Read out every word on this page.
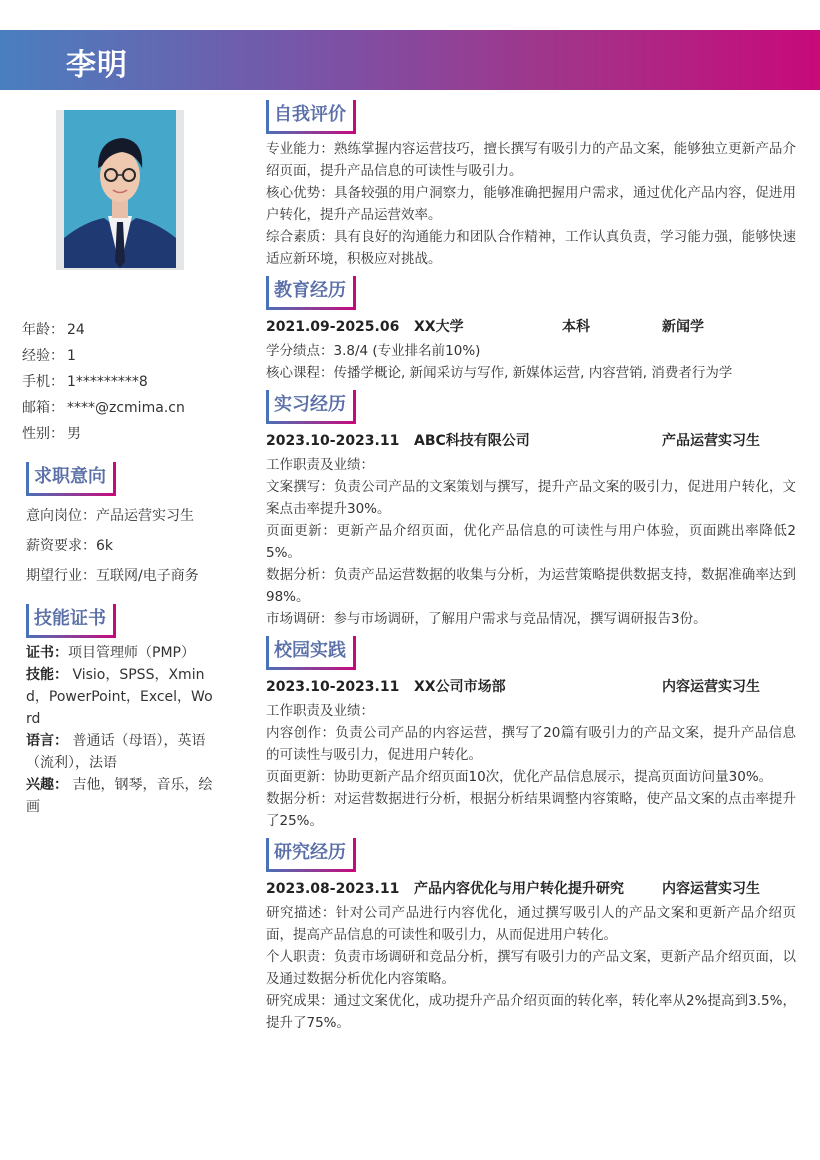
李明
年龄： 24
经验： 1
手机： 1*********8
邮箱： ****@zcmima.cn
性别： 男
求职意向
意向岗位： 产品运营实习生
薪资要求： 6k
期望行业： 互联网/电子商务
技能证书
证书：项目管理师（PMP）
技能： Visio，SPSS，Xmind，PowerPoint，Excel，Word
语言： 普通话（母语），英语（流利），法语
兴趣： 吉他，钢琴，音乐，绘画
自我评价

专业能力：熟练掌握内容运营技巧，擅长撰写有吸引力的产品文案，能够独立更新产品介绍页面，提升产品信息的可读性与吸引力。

核心优势：具备较强的用户洞察力，能够准确把握用户需求，通过优化产品内容，促进用户转化，提升产品运营效率。

综合素质：具有良好的沟通能力和团队合作精神，工作认真负责，学习能力强，能够快速适应新环境，积极应对挑战。

教育经历
2021.09-2025.06	XX大学	本科	新闻学

学分绩点：3.8/4 (专业排名前10%)

核心课程：传播学概论, 新闻采访与写作, 新媒体运营, 内容营销, 消费者行为学

实习经历
2023.10-2023.11	ABC科技有限公司	产品运营实习生

工作职责及业绩：

文案撰写：负责公司产品的文案策划与撰写，提升产品文案的吸引力，促进用户转化，文案点击率提升30%。

页面更新：更新产品介绍页面，优化产品信息的可读性与用户体验，页面跳出率降低25%。

数据分析：负责产品运营数据的收集与分析，为运营策略提供数据支持，数据准确率达到98%。

市场调研：参与市场调研，了解用户需求与竞品情况，撰写调研报告3份。

校园实践
2023.10-2023.11	XX公司市场部	内容运营实习生

工作职责及业绩：

内容创作：负责公司产品的内容运营，撰写了20篇有吸引力的产品文案，提升产品信息的可读性与吸引力，促进用户转化。

页面更新：协助更新产品介绍页面10次，优化产品信息展示，提高页面访问量30%。

数据分析：对运营数据进行分析，根据分析结果调整内容策略，使产品文案的点击率提升了25%。

研究经历
2023.08-2023.11	产品内容优化与用户转化提升研究	内容运营实习生

研究描述：针对公司产品进行内容优化，通过撰写吸引人的产品文案和更新产品介绍页面，提高产品信息的可读性和吸引力，从而促进用户转化。

个人职责：负责市场调研和竞品分析，撰写有吸引力的产品文案，更新产品介绍页面，以及通过数据分析优化内容策略。

研究成果：通过文案优化，成功提升产品介绍页面的转化率，转化率从2%提高到3.5%，提升了75%。
